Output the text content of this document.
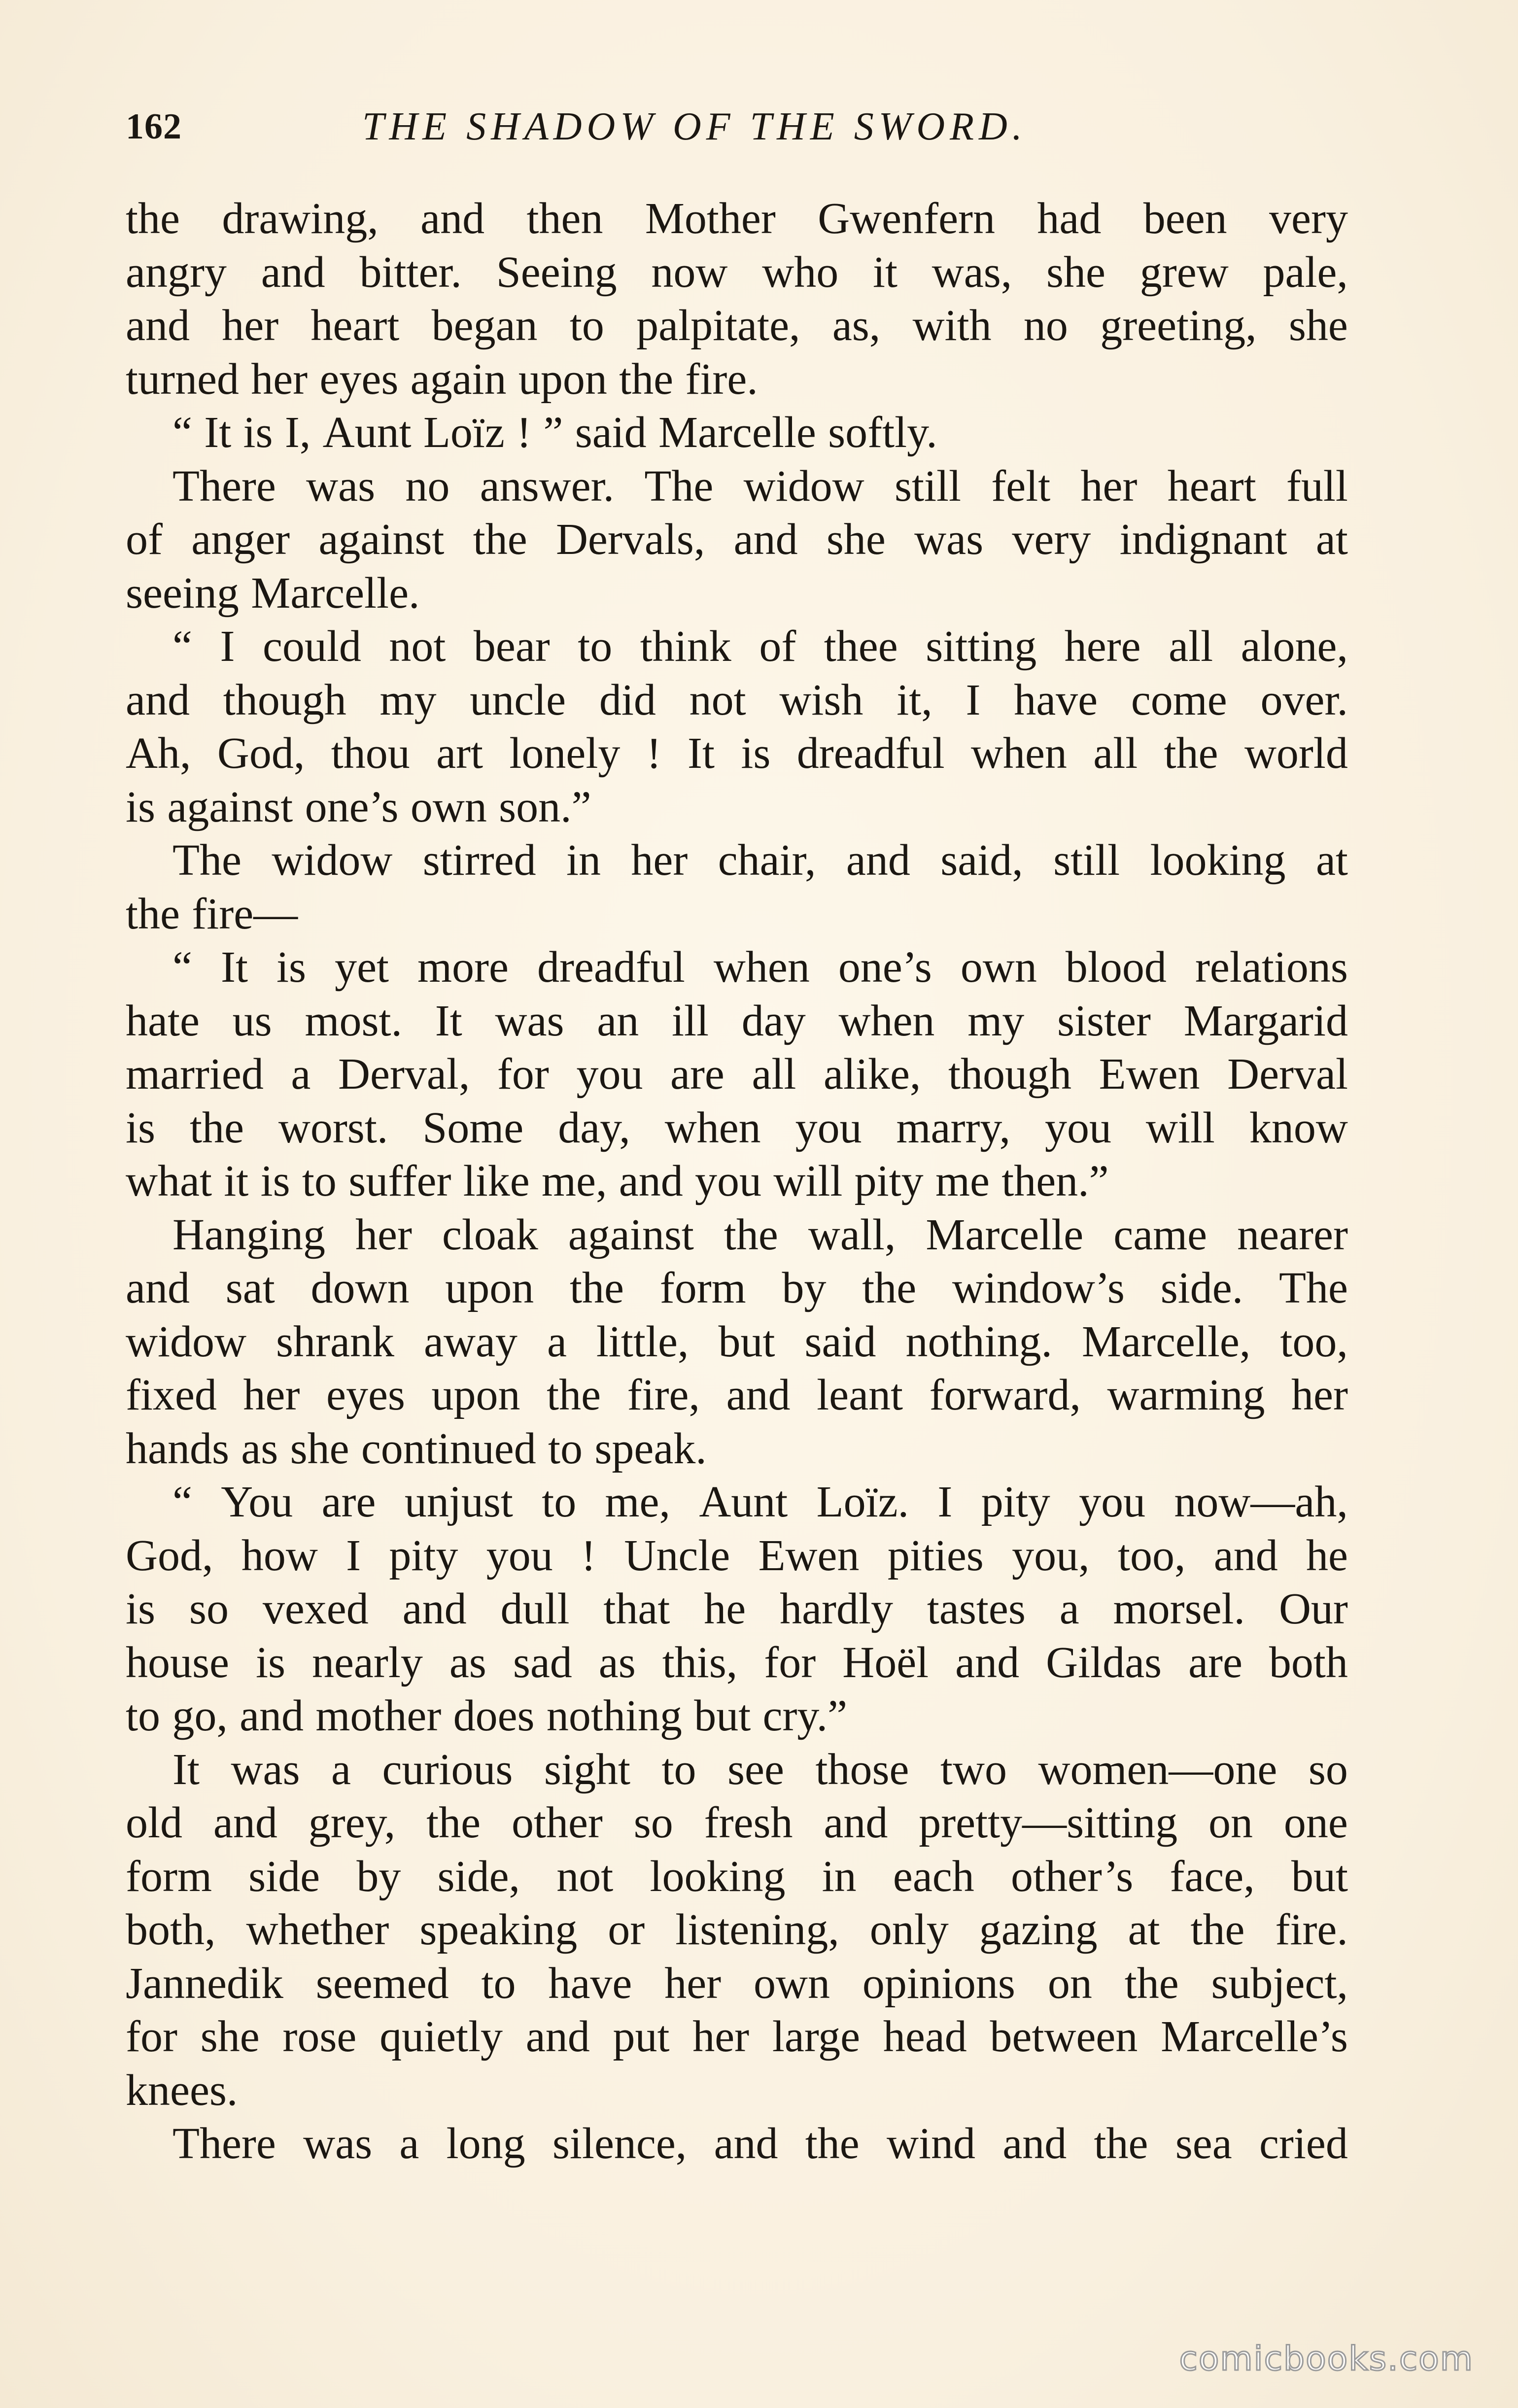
162	THE SHADOW OF THE SWORD.
the drawing, and then Mother Gwenfern had been very
angry and bitter. Seeing now who it was, she grew pale,
and her heart began to palpitate, as, with no greeting, she
turned her eyes again upon the fire.
“ It is I, Aunt Loïz ! ” said Marcelle softly.
There was no answer. The widow still felt her heart full
of anger against the Dervals, and she was very indignant at
seeing Marcelle.
“ I could not bear to think of thee sitting here all alone,
and though my uncle did not wish it, I have come over.
Ah, God, thou art lonely ! It is dreadful when all the world
is against one’s own son.”
The widow stirred in her chair, and said, still looking at
the fire—
“ It is yet more dreadful when one’s own blood relations
hate us most. It was an ill day when my sister Margarid
married a Derval, for you are all alike, though Ewen Derval
is the worst. Some day, when you marry, you will know
what it is to suffer like me, and you will pity me then.”
Hanging her cloak against the wall, Marcelle came nearer
and sat down upon the form by the window’s side. The
widow shrank away a little, but said nothing. Marcelle, too,
fixed her eyes upon the fire, and leant forward, warming her
hands as she continued to speak.
“ You are unjust to me, Aunt Loïz. I pity you now—ah,
God, how I pity you ! Uncle Ewen pities you, too, and he
is so vexed and dull that he hardly tastes a morsel. Our
house is nearly as sad as this, for Hoël and Gildas are both
to go, and mother does nothing but cry.”
It was a curious sight to see those two women—one so
old and grey, the other so fresh and pretty—sitting on one
form side by side, not looking in each other’s face, but
both, whether speaking or listening, only gazing at the fire.
Jannedik seemed to have her own opinions on the subject,
for she rose quietly and put her large head between Marcelle’s
knees.
There was a long silence, and the wind and the sea cried
comicbooks.com
